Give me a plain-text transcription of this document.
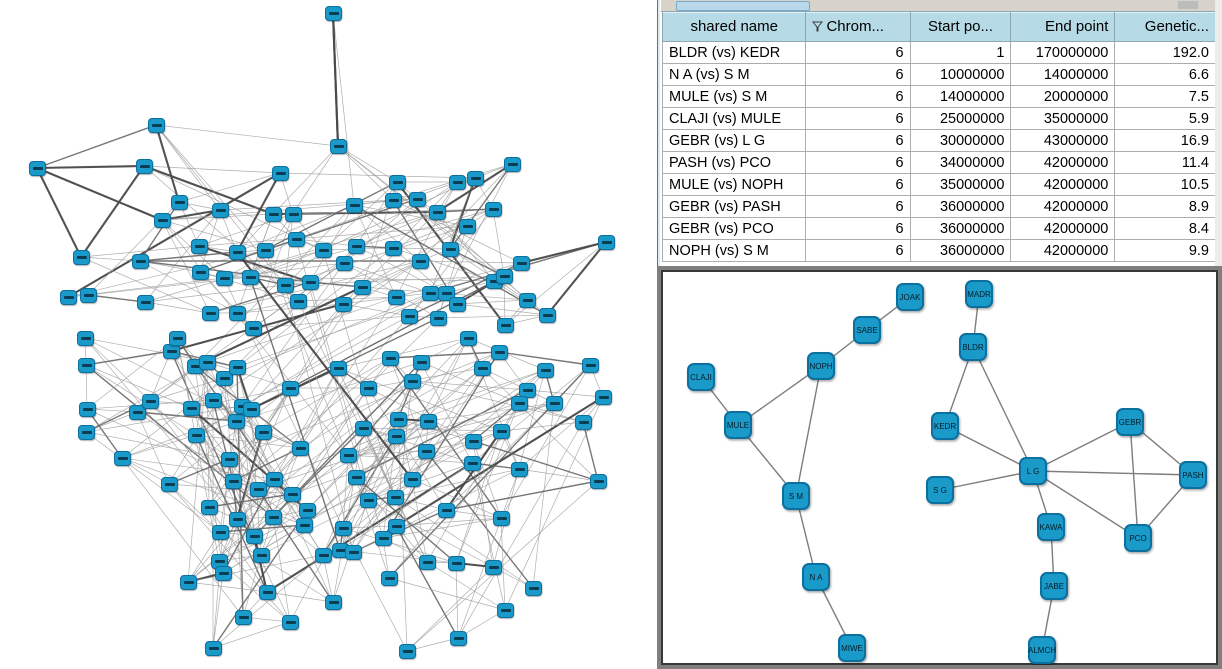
shared name	Chrom...	Start po...	End point	Genetic...
BLDR (vs) KEDR	6	1	170000000	192.0
N A (vs) S M	6	10000000	14000000	6.6
MULE (vs) S M	6	14000000	20000000	7.5
CLAJI (vs) MULE	6	25000000	35000000	5.9
GEBR (vs) L G	6	30000000	43000000	16.9
PASH (vs) PCO	6	34000000	42000000	11.4
MULE (vs) NOPH	6	35000000	42000000	10.5
GEBR (vs) PASH	6	36000000	42000000	8.9
GEBR (vs) PCO	6	36000000	42000000	8.4
NOPH (vs) S M	6	36000000	42000000	9.9
JOAK
SABE
NOPH
CLAJI
MULE
S M
N A
MIWE
MADR
BLDR
KEDR
S G
L G
GEBR
PASH
PCO
KAWA
JABE
ALMCH
